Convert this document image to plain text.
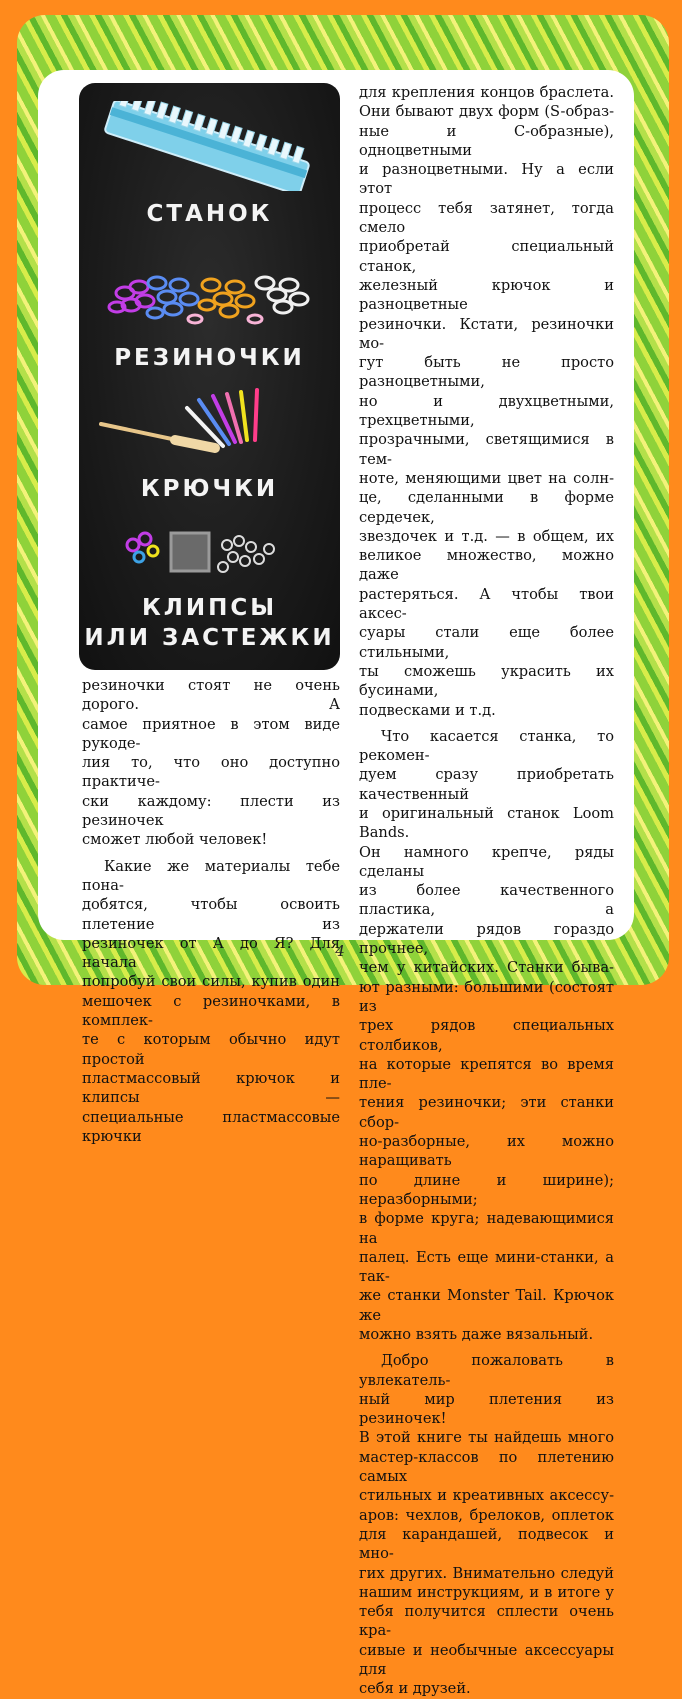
СТАНОК
РЕЗИНОЧКИ
КРЮЧКИ
КЛИПСЫ
ИЛИ ЗАСТЕЖКИ

для крепления концов браслета.

Они бывают двух форм (S-образ-

ные и С-образные), одноцветными

и разноцветными. Ну а если этот

процесс тебя затянет, тогда смело

приобретай специальный станок,

железный крючок и разноцветные

резиночки. Кстати, резиночки мо-

гут быть не просто разноцветными,

но и двухцветными, трехцветными,

прозрачными, светящимися в тем-

ноте, меняющими цвет на солн-

це, сделанными в форме сердечек,

звездочек и т.д. — в общем, их

великое множество, можно даже

растеряться. А чтобы твои аксес-

суары стали еще более стильными,

ты сможешь украсить их бусинами,

подвесками и т.д.

Что касается станка, то рекомен-

дуем сразу приобретать качественный

и оригинальный станок Loom Bands.

Он намного крепче, ряды сделаны

из более качественного пластика, а

держатели рядов гораздо прочнее,

чем у китайских. Станки быва-

ют разными: большими (состоят из

трех рядов специальных столбиков,

на которые крепятся во время пле-

тения резиночки; эти станки сбор-

но-разборные, их можно наращивать

по длине и ширине); неразборными;

в форме круга; надевающимися на

палец. Есть еще мини-станки, а так-

же станки Monster Tail. Крючок же

можно взять даже вязальный.

Добро пожаловать в увлекатель-

ный мир плетения из резиночек!

В этой книге ты найдешь много

мастер-классов по плетению самых

стильных и креативных аксессу-

аров: чехлов, брелоков, оплеток

для карандашей, подвесок и мно-

гих других. Внимательно следуй

нашим инструкциям, и в итоге у

тебя получится сплести очень кра-

сивые и необычные аксессуары для

себя и друзей.

резиночки стоят не очень дорого. А

самое приятное в этом виде рукоде-

лия то, что оно доступно практиче-

ски каждому: плести из резиночек

сможет любой человек!

Какие же материалы тебе пона-

добятся, чтобы освоить плетение из

резиночек от А до Я? Для начала

попробуй свои силы, купив один

мешочек с резиночками, в комплек-

те с которым обычно идут простой

пластмассовый крючок и клипсы —

специальные пластмассовые крючки

4
